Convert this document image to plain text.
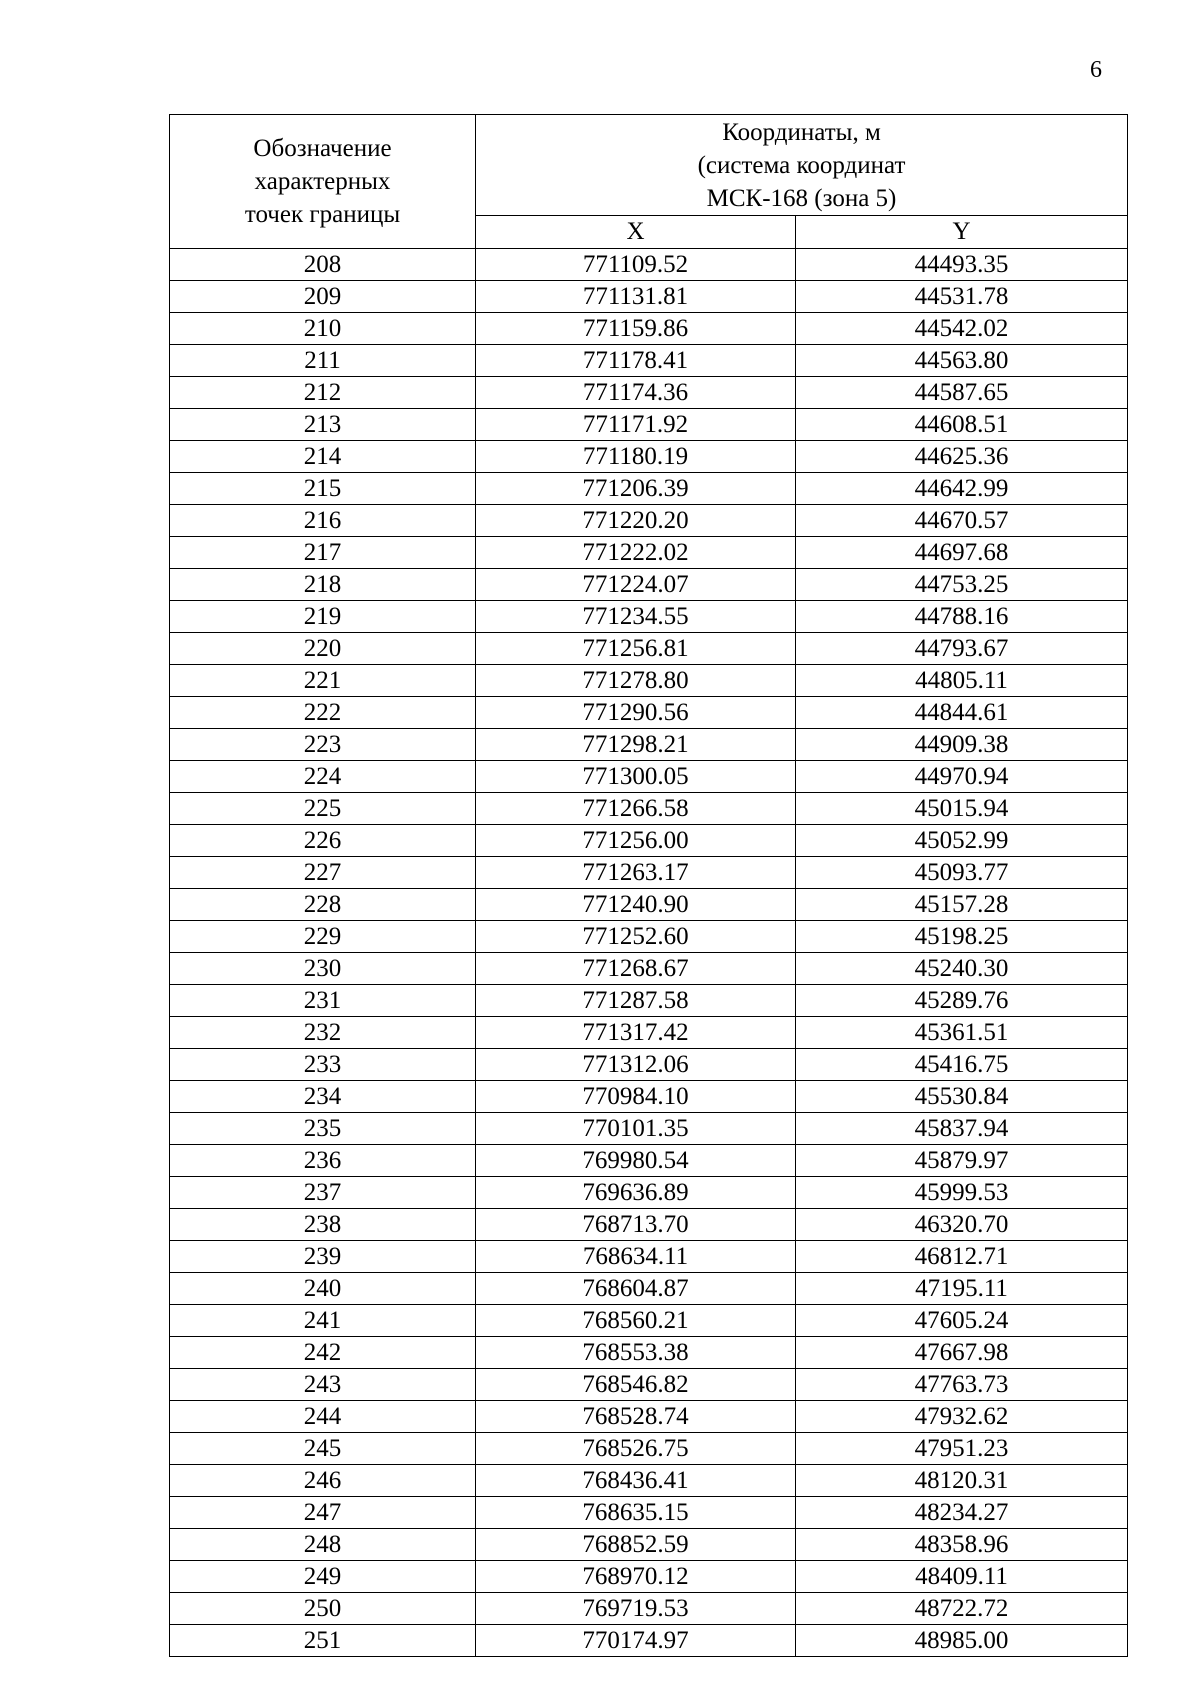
6
Обозначение
характерных
точек границы	Координаты, м
(система координат
МСК-168 (зона 5)	

	X	Y
208	771109.52	44493.35
209	771131.81	44531.78
210	771159.86	44542.02
211	771178.41	44563.80
212	771174.36	44587.65
213	771171.92	44608.51
214	771180.19	44625.36
215	771206.39	44642.99
216	771220.20	44670.57
217	771222.02	44697.68
218	771224.07	44753.25
219	771234.55	44788.16
220	771256.81	44793.67
221	771278.80	44805.11
222	771290.56	44844.61
223	771298.21	44909.38
224	771300.05	44970.94
225	771266.58	45015.94
226	771256.00	45052.99
227	771263.17	45093.77
228	771240.90	45157.28
229	771252.60	45198.25
230	771268.67	45240.30
231	771287.58	45289.76
232	771317.42	45361.51
233	771312.06	45416.75
234	770984.10	45530.84
235	770101.35	45837.94
236	769980.54	45879.97
237	769636.89	45999.53
238	768713.70	46320.70
239	768634.11	46812.71
240	768604.87	47195.11
241	768560.21	47605.24
242	768553.38	47667.98
243	768546.82	47763.73
244	768528.74	47932.62
245	768526.75	47951.23
246	768436.41	48120.31
247	768635.15	48234.27
248	768852.59	48358.96
249	768970.12	48409.11
250	769719.53	48722.72
251	770174.97	48985.00
